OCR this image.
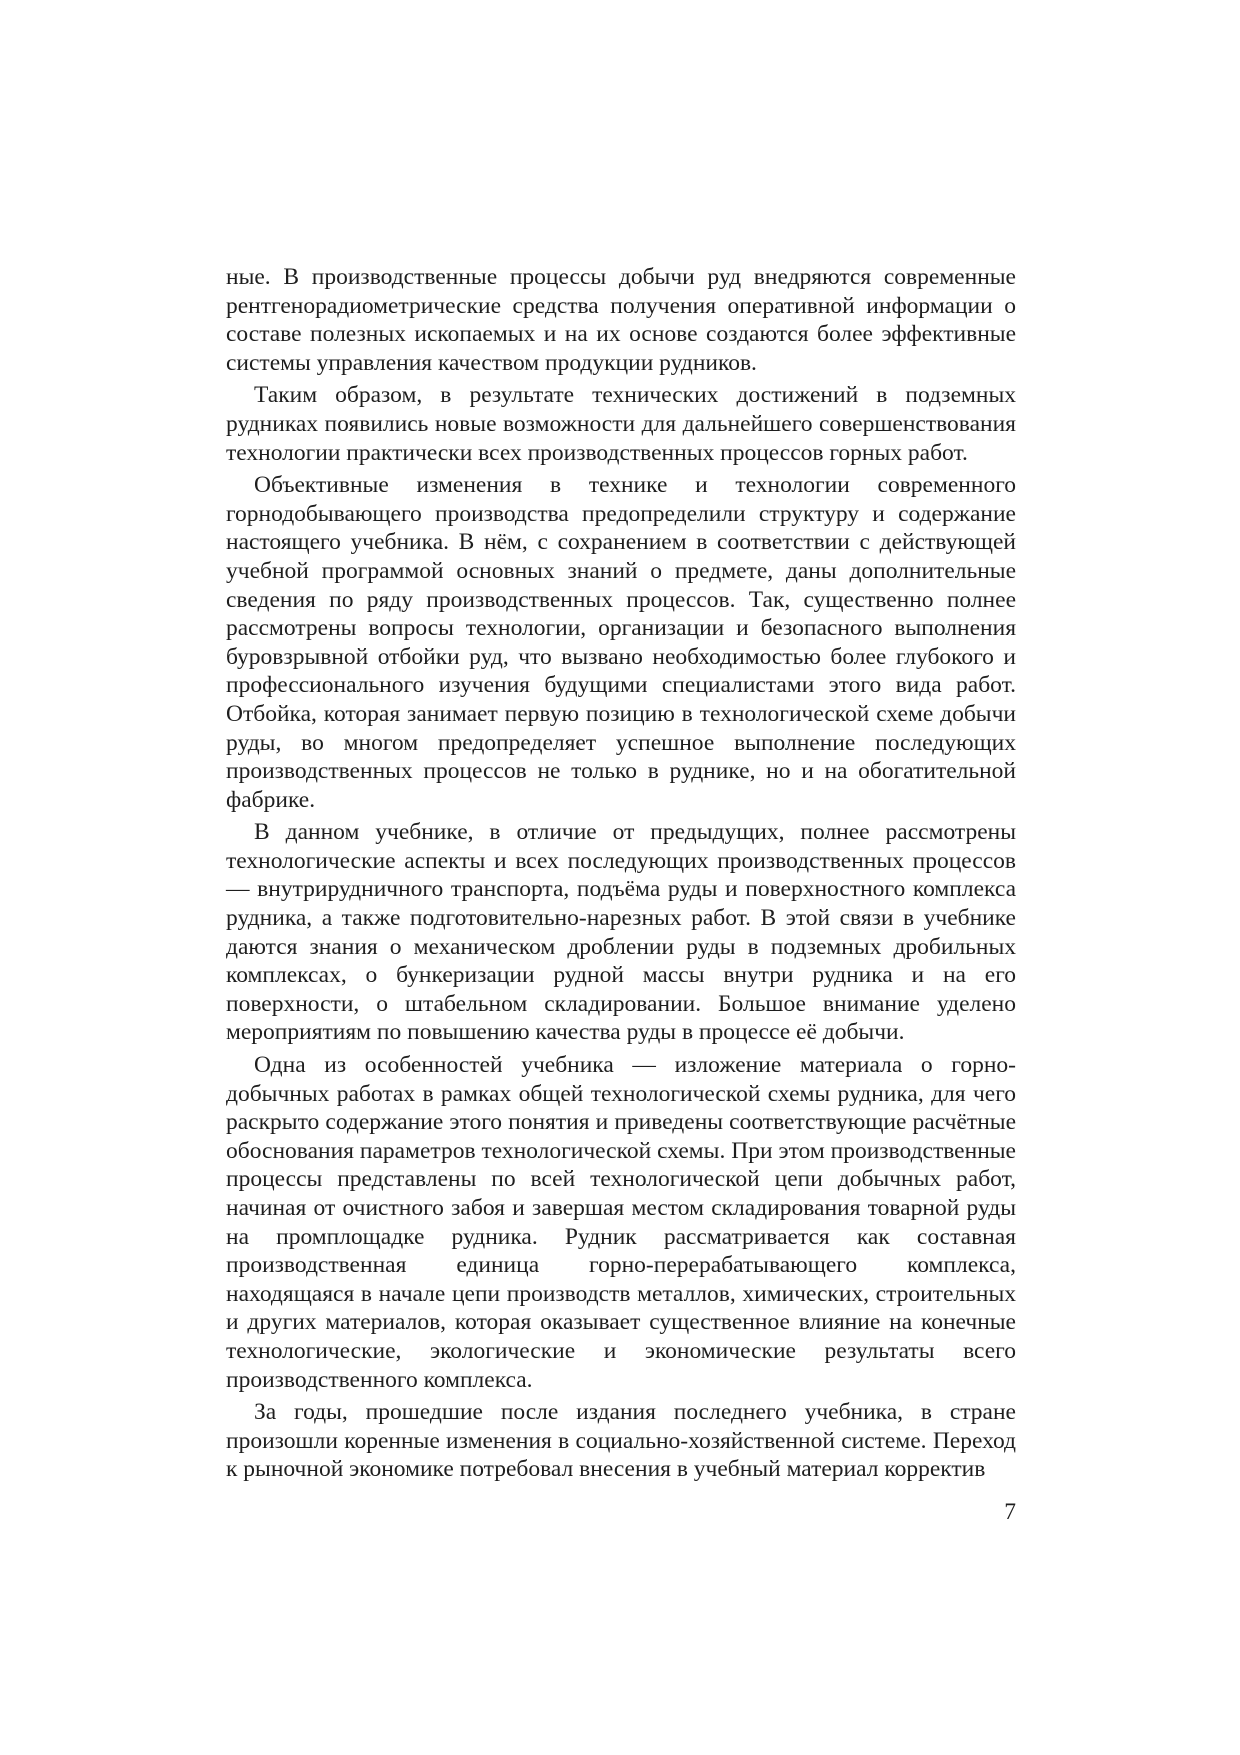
ные. В производственные процессы добычи руд внедряются современные рентгенорадиометрические средства получения оперативной информации о составе полезных ископаемых и на их основе создаются более эффективные системы управления качеством продукции рудников.

Таким образом, в результате технических достижений в подземных рудниках появились новые возможности для дальнейшего совершенствования технологии практически всех производственных процессов горных работ.

Объективные изменения в технике и технологии современного горнодобывающего производства предопределили структуру и содержание настоящего учебника. В нём, с сохранением в соответствии с действующей учебной программой основных знаний о предмете, даны дополнительные сведения по ряду производственных процессов. Так, существенно полнее рассмотрены вопросы технологии, организации и безопасного выполнения буровзрывной отбойки руд, что вызвано необходимостью более глубокого и профессионального изучения будущими специалистами этого вида работ. Отбойка, которая занимает первую позицию в технологической схеме добычи руды, во многом предопределяет успешное выполнение последующих производственных процессов не только в руднике, но и на обогатительной фабрике.

В данном учебнике, в отличие от предыдущих, полнее рассмотрены технологические аспекты и всех последующих производственных процессов — внутрирудничного транспорта, подъёма руды и поверхностного комплекса рудника, а также подготовительно-нарезных работ. В этой связи в учебнике даются знания о механическом дроблении руды в подземных дробильных комплексах, о бункеризации рудной массы внутри рудника и на его поверхности, о штабельном складировании. Большое внимание уделено мероприятиям по повышению качества руды в процессе её добычи.

Одна из особенностей учебника — изложение материала о горно-добычных работах в рамках общей технологической схемы рудника, для чего раскрыто содержание этого понятия и приведены соответствующие расчётные обоснования параметров технологической схемы. При этом производственные процессы представлены по всей технологической цепи добычных работ, начиная от очистного забоя и завершая местом складирования товарной руды на промплощадке рудника. Рудник рассматривается как составная производственная единица горно-перерабатывающего комплекса, находящаяся в начале цепи производств металлов, химических, строительных и других материалов, которая оказывает существенное влияние на конечные технологические, экологические и экономические результаты всего производственного комплекса.

За годы, прошедшие после издания последнего учебника, в стране произошли коренные изменения в социально-хозяйственной системе. Переход к рыночной экономике потребовал внесения в учебный материал корректив

7
